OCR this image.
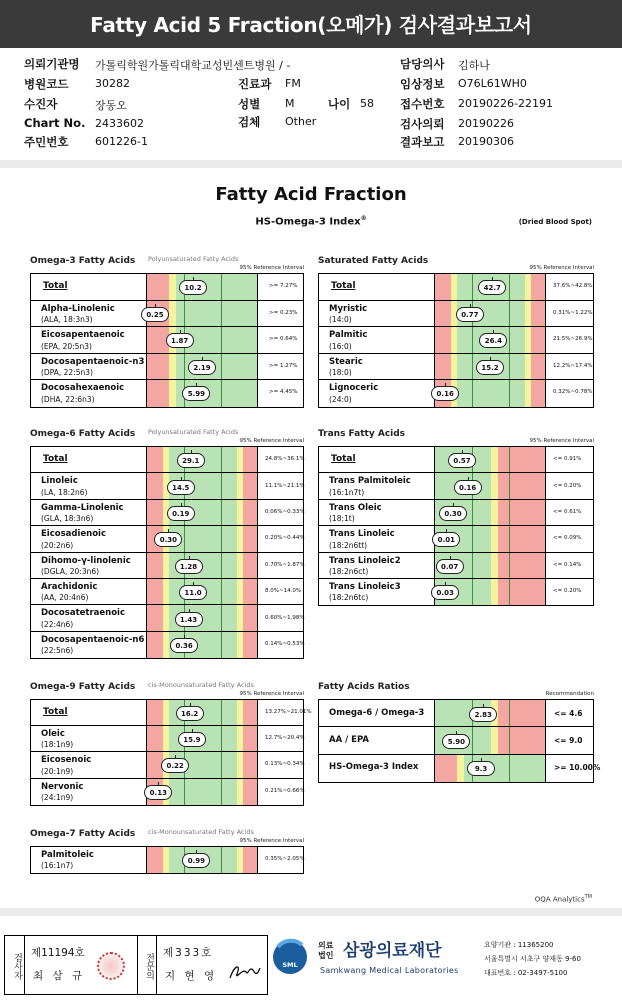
Fatty Acid 5 Fraction(오메가) 검사결과보고서
의뢰기관명 가톨릭학원가톨릭대학교성빈센트병원 / -
병원코드 30282
수진자	장동오
Chart No. 2433602
주민번호 601226-1
진료과 FM
성별 M	나이 58
검체 Other
담당의사 김하나
임상정보 O76L61WH0
접수번호 20190226-22191
검사의뢰 20190226
결과보고 20190306
Fatty Acid Fraction
HS-Omega-3 Index®	(Dried Blood Spot)
Omega-3 Fatty Acids Polyunsaturated Fatty Acids
95% Reference Interval
Total	10.2	>= 7.27%
Alpha-Linolenic
(ALA, 18:3n3)
0.25	>= 0.23%
Eicosapentaenoic
(EPA, 20:5n3)
1.87	>= 0.64%
Docosapentaenoic-n3
(DPA, 22:5n3)
2.19	>= 1.27%
Docosahexaenoic
(DHA, 22:6n3)
5.99	>= 4.45%
Saturated Fatty Acids
95% Reference Interval
Total	42.7	37.6%~42.8%
Myristic
(14:0)
0.77	0.31%~1.22%
Palmitic
(16:0)
26.4	21.5%~26.9%
Stearic
(18:0)
15.2	12.2%~17.4%
Lignoceric
(24:0)
0.16	0.32%~0.78%
Omega-6 Fatty Acids Polyunsaturated Fatty Acids
95% Reference Interval
Total	29.1	24.8%~36.1%
Linoleic
(LA, 18:2n6)
14.5	11.1%~21.1%
Gamma-Linolenic
(GLA, 18:3n6)
0.19	0.06%~0.33%
Eicosadienoic
(20:2n6)
0.30	0.20%~0.44%
Dihomo-γ-linolenic
(DGLA, 20:3n6)
1.28	0.70%~1.87%
Arachidonic
(AA, 20:4n6)
11.0	8.0%~14.0%
Docosatetraenoic
(22:4n6)
1.43	0.60%~1.98%
Docosapentaenoic-n6
(22:5n6)
0.36	0.14%~0.53%
Trans Fatty Acids
95% Reference Interval
Total	0.57	<= 0.91%
Trans Palmitoleic
(16:1n7t)
0.16	<= 0.20%
Trans Oleic
(18:1t)
0.30	<= 0.61%
Trans Linoleic
(18:2n6tt)
0.01	<= 0.09%
Trans Linoleic2
(18:2n6ct)
0.07	<= 0.14%
Trans Linoleic3
(18:2n6tc)
0.03	<= 0.20%
Omega-9 Fatty Acids cis-Monounsaturated Fatty Acids
95% Reference Interval
Total	16.2	13.27%~21.01%
Oleic
(18:1n9)
15.9	12.7%~20.4%
Eicosenoic
(20:1n9)
0.22	0.13%~0.34%
Nervonic
(24:1n9)
0.13	0.21%~0.66%
Fatty Acids Ratios
Recommendation
Omega-6 / Omega-3	2.83	<= 4.6
AA / EPA	5.90	<= 9.0
HS-Omega-3 Index	9.3	>= 10.00%
Omega-7 Fatty Acids cis-Monounsaturated Fatty Acids
95% Reference Interval
Palmitoleic
(16:1n7)	0.99	0.35%~2.05%
OQA Analytics™
검사자 제11194호
최 삼 규	전문의 제333호
지 현 영
SML
의료
법인 삼광의료재단
Samkwang Medical Laboratories
요양기관 : 11365200
서울특별시 서초구 양재동 9-60
대표번호 : 02-3497-5100
